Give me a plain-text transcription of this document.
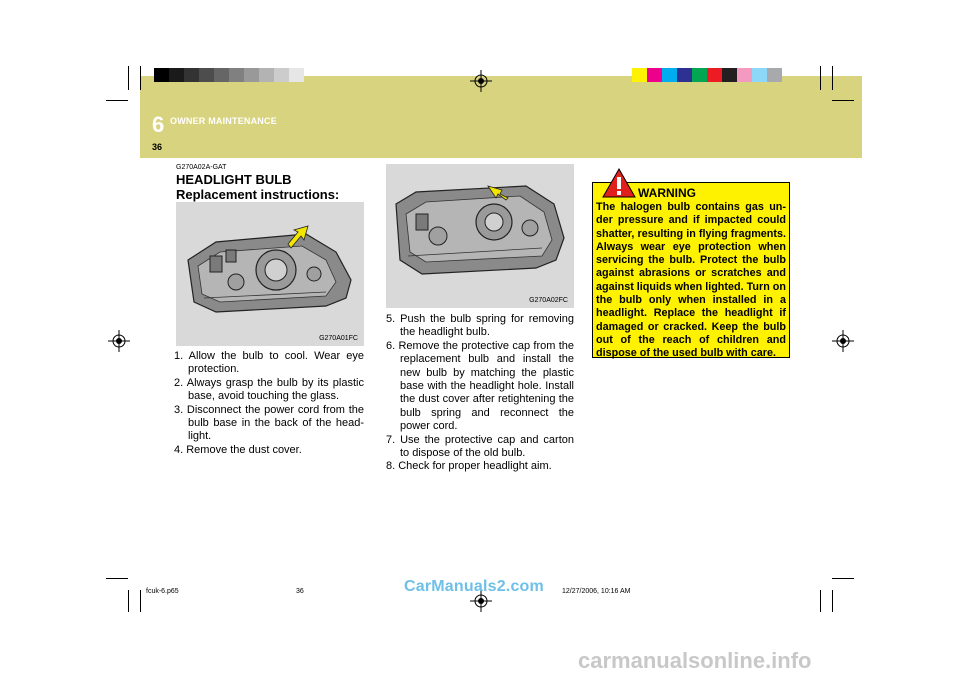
6 OWNER MAINTENANCE
36
G270A02A-GAT
HEADLIGHT BULB
Replacement instructions:
G270A01FC
1. Allow the bulb to cool. Wear eye protection.
2. Always grasp the bulb by its plastic base, avoid touching the glass.
3. Disconnect the power cord from the bulb base in the back of the head-light.
4. Remove the dust cover.
G270A02FC
5. Push the bulb spring for removing the headlight bulb.
6. Remove the protective cap from the replacement bulb and install the new bulb by matching the plastic base with the headlight hole. Install the dust cover after retightening the bulb spring and reconnect the power cord.
7. Use the protective cap and carton to dispose of the old bulb.
8. Check for proper headlight aim.
WARNING
The halogen bulb contains gas un-der pressure and if impacted could shatter, resulting in flying fragments. Always wear eye protection when servicing the bulb. Protect the bulb against abrasions or scratches and against liquids when lighted. Turn on the bulb only when installed in a headlight. Replace the headlight if damaged or cracked. Keep the bulb out of the reach of children and dispose of the used bulb with care.
fcuk-6.p65	36	12/27/2006, 10:16 AM
CarManuals2.com
carmanualsonline.info
